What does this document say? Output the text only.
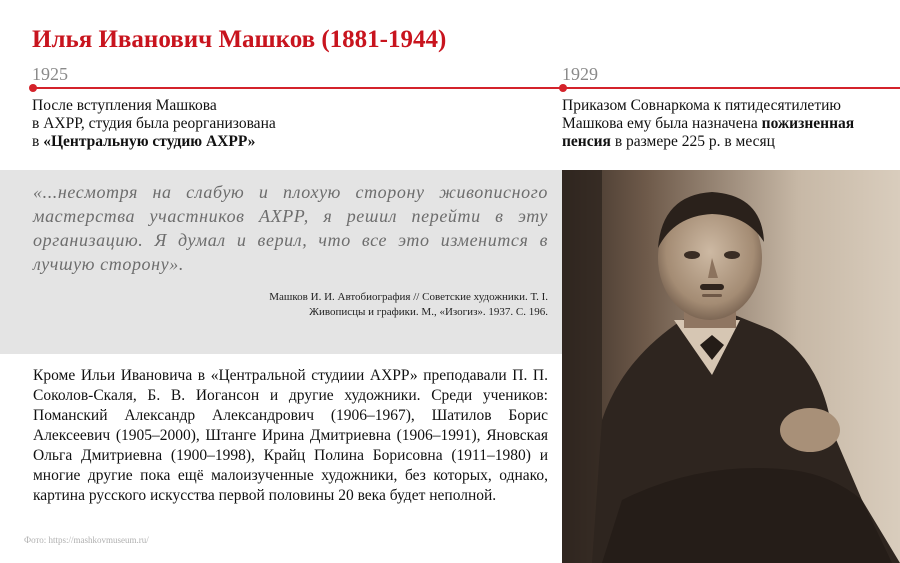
Илья Иванович Машков (1881-1944)
1925	1929
После вступления Машкова
в АХРР, студия была реорганизована
в «Центральную студию АХРР»
Приказом Совнаркома к пятидесятилетию
Машкова ему была назначена пожизненная
пенсия в размере 225 р. в месяц
«...несмотря на слабую и плохую сторону живописного мастерства участников АХРР, я решил перейти в эту организацию. Я думал и верил, что все это изменится в лучшую сторону».
Машков И. И. Автобиография // Советские художники. Т. I.
Живописцы и графики. М., «Изогиз». 1937. С. 196.
Кроме Ильи Ивановича в «Центральной студиии АХРР» преподавали П. П. Соколов-Скаля, Б. В. Иогансон и другие художники. Среди учеников: Поманский Александр Александрович (1906–1967), Шатилов Борис Алексеевич (1905–2000), Штанге Ирина Дмитриевна (1906–1991), Яновская Ольга Дмитриевна (1900–1998), Крайц Полина Борисовна (1911–1980) и многие другие пока ещё малоизученные художники, без которых, однако, картина русского искусства первой половины 20 века будет неполной.
Фото: https://mashkovmuseum.ru/
